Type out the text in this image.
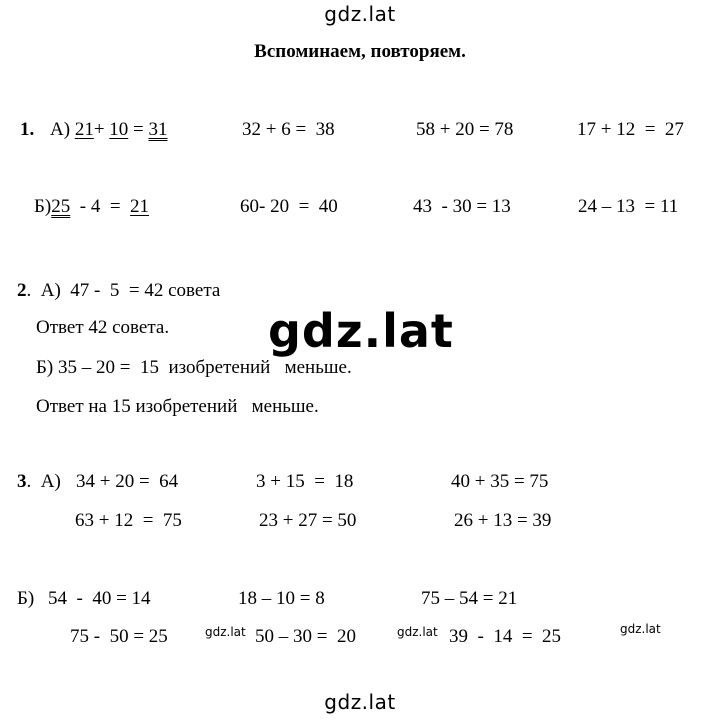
gdz.lat
gdz.lat
gdz.lat
Вспоминаем, повторяем.
1. А) 21+ 10 = 31	32 + 6 =  38	58 + 20 = 78	17 + 12  =  27
Б)25  - 4  =  21	60- 20  =  40	43  - 30 = 13	24 – 13  = 11
2.  А)  47 -  5  = 42 совета
Ответ 42 совета.
Б) 35 – 20 =  15  изобретений   меньше.
Ответ на 15 изобретений   меньше.
3.  А) 34 + 20 =  64	3 + 15  =  18	40 + 35 = 75
63 + 12  =  75	23 + 27 = 50	26 + 13 = 39
Б) 54  -  40 = 14	18 – 10 = 8	75 – 54 = 21
75 -  50 = 25	gdz.lat 50 – 30 =  20	gdz.lat 39  -  14  =  25	gdz.lat
